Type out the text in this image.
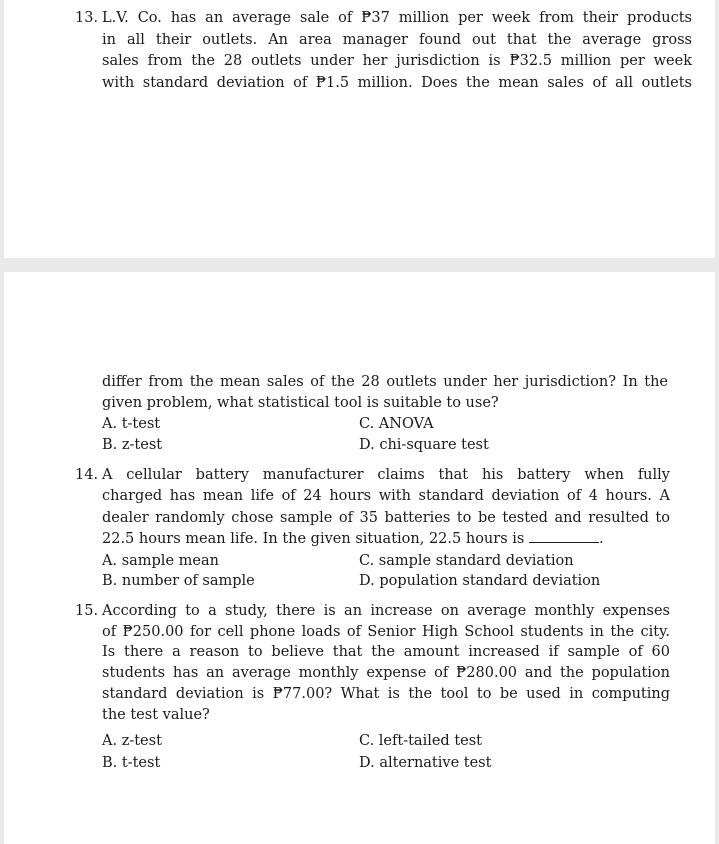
13. L.V. Co. has an average sale of ₱37 million per week from their products
in all their outlets. An area manager found out that the average gross
sales from the 28 outlets under her jurisdiction is ₱32.5 million per week
with standard deviation of ₱1.5 million. Does the mean sales of all outlets
differ from the mean sales of the 28 outlets under her jurisdiction? In the
given problem, what statistical tool is suitable to use?
A. t-test	C. ANOVA
B. z-test	D. chi-square test
14. A cellular battery manufacturer claims that his battery when fully
charged has mean life of 24 hours with standard deviation of 4 hours. A
dealer randomly chose sample of 35 batteries to be tested and resulted to
22.5 hours mean life. In the given situation, 22.5 hours is	.
A. sample mean	C. sample standard deviation
B. number of sample	D. population standard deviation
15. According to a study, there is an increase on average monthly expenses
of ₱250.00 for cell phone loads of Senior High School students in the city.
Is there a reason to believe that the amount increased if sample of 60
students has an average monthly expense of ₱280.00 and the population
standard deviation is ₱77.00? What is the tool to be used in computing
the test value?
A. z-test	C. left-tailed test
B. t-test	D. alternative test
